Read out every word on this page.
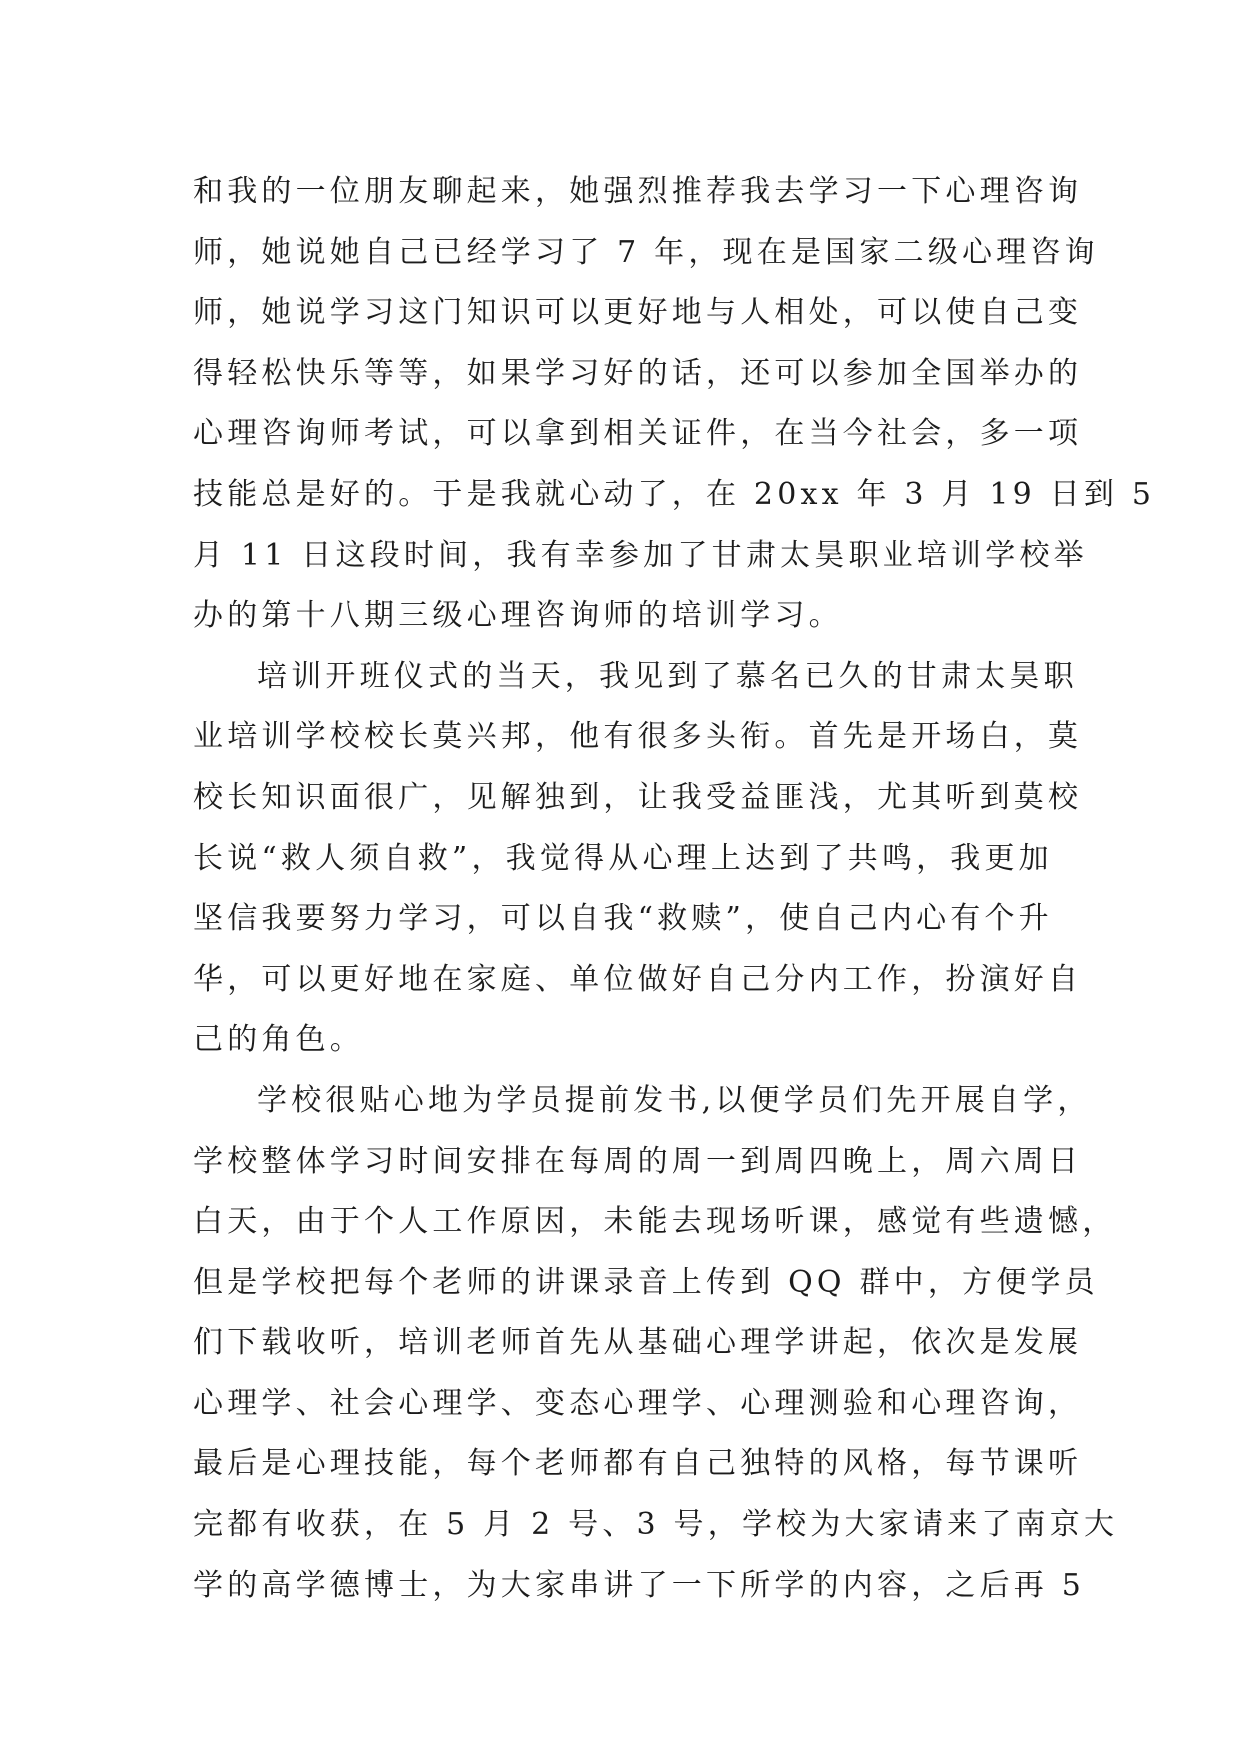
和我的一位朋友聊起来，她强烈推荐我去学习一下心理咨询
师，她说她自己已经学习了 7 年，现在是国家二级心理咨询
师，她说学习这门知识可以更好地与人相处，可以使自己变
得轻松快乐等等，如果学习好的话，还可以参加全国举办的
心理咨询师考试，可以拿到相关证件，在当今社会，多一项
技能总是好的。于是我就心动了，在 20xx 年 3 月 19 日到 5
月 11 日这段时间，我有幸参加了甘肃太昊职业培训学校举
办的第十八期三级心理咨询师的培训学习。
培训开班仪式的当天，我见到了慕名已久的甘肃太昊职
业培训学校校长莫兴邦，他有很多头衔。首先是开场白，莫
校长知识面很广，见解独到，让我受益匪浅，尤其听到莫校
长说“救人须自救”，我觉得从心理上达到了共鸣，我更加
坚信我要努力学习，可以自我“救赎”，使自己内心有个升
华，可以更好地在家庭、单位做好自己分内工作，扮演好自
己的角色。
学校很贴心地为学员提前发书,以便学员们先开展自学，
学校整体学习时间安排在每周的周一到周四晚上，周六周日
白天，由于个人工作原因，未能去现场听课，感觉有些遗憾，
但是学校把每个老师的讲课录音上传到 QQ 群中，方便学员
们下载收听，培训老师首先从基础心理学讲起，依次是发展
心理学、社会心理学、变态心理学、心理测验和心理咨询，
最后是心理技能，每个老师都有自己独特的风格，每节课听
完都有收获，在 5 月 2 号、3 号，学校为大家请来了南京大
学的高学德博士，为大家串讲了一下所学的内容，之后再 5
